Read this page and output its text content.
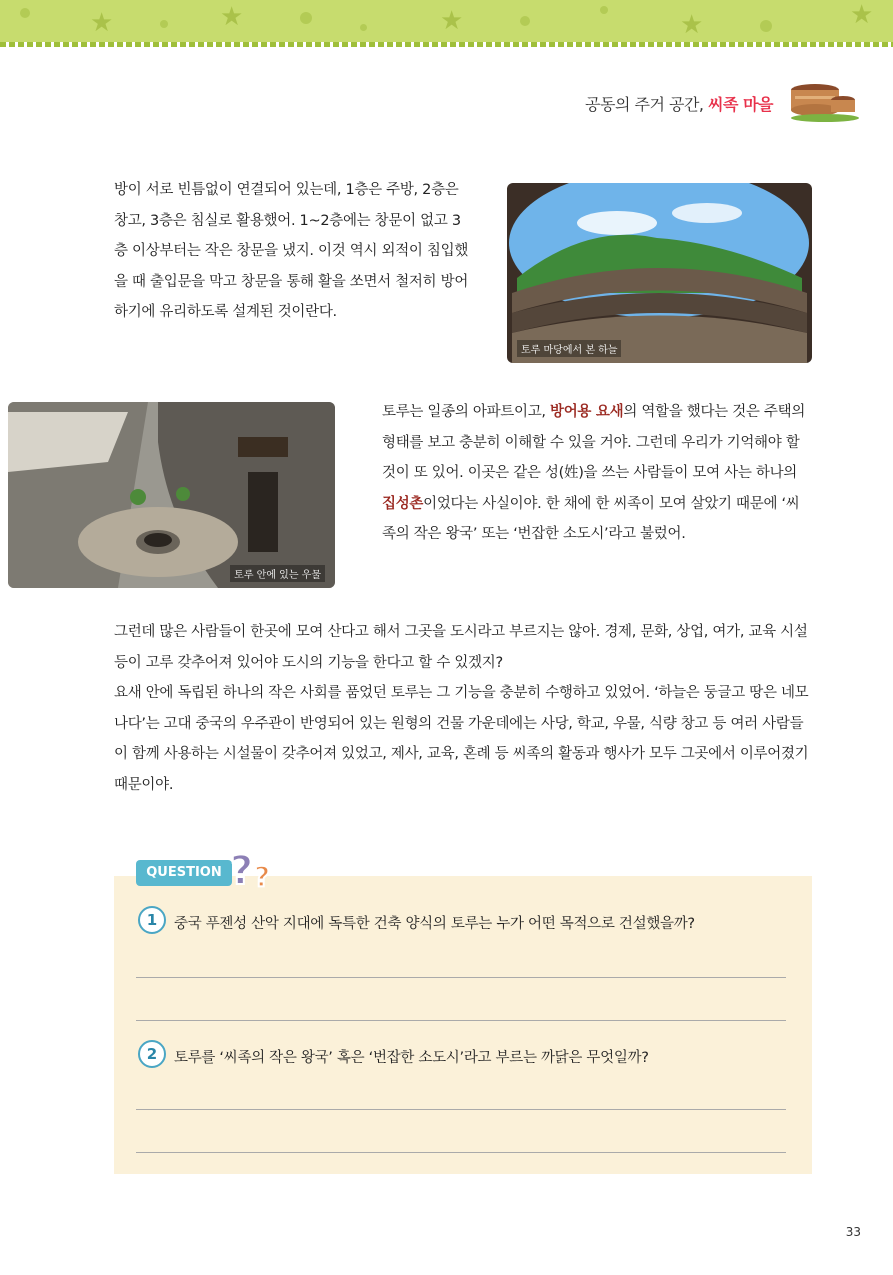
★	★	★	★	★
공동의 주거 공간, 씨족 마을

방이 서로 빈틈없이 연결되어 있는데, 1층은 주방, 2층은 창고, 3층은 침실로 활용했어. 1~2층에는 창문이 없고 3층 이상부터는 작은 창문을 냈지. 이것 역시 외적이 침입했을 때 출입문을 막고 창문을 통해 활을 쏘면서 철저히 방어하기에 유리하도록 설계된 것이란다.

토루 마당에서 본 하늘
토루 안에 있는 우물

토루는 일종의 아파트이고, 방어용 요새의 역할을 했다는 것은 주택의 형태를 보고 충분히 이해할 수 있을 거야. 그런데 우리가 기억해야 할 것이 또 있어. 이곳은 같은 성(姓)을 쓰는 사람들이 모여 사는 하나의 집성촌이었다는 사실이야. 한 채에 한 씨족이 모여 살았기 때문에 ‘씨족의 작은 왕국’ 또는 ‘번잡한 소도시’라고 불렀어.

그런데 많은 사람들이 한곳에 모여 산다고 해서 그곳을 도시라고 부르지는 않아. 경제, 문화, 상업, 여가, 교육 시설 등이 고루 갖추어져 있어야 도시의 기능을 한다고 할 수 있겠지?

요새 안에 독립된 하나의 작은 사회를 품었던 토루는 그 기능을 충분히 수행하고 있었어. ‘하늘은 둥글고 땅은 네모나다’는 고대 중국의 우주관이 반영되어 있는 원형의 건물 가운데에는 사당, 학교, 우물, 식량 창고 등 여러 사람들이 함께 사용하는 시설물이 갖추어져 있었고, 제사, 교육, 혼례 등 씨족의 활동과 행사가 모두 그곳에서 이루어졌기 때문이야.

QUESTION ? ?
1	중국 푸젠성 산악 지대에 독특한 건축 양식의 토루는 누가 어떤 목적으로 건설했을까?
2	토루를 ‘씨족의 작은 왕국’ 혹은 ‘번잡한 소도시’라고 부르는 까닭은 무엇일까?
33
